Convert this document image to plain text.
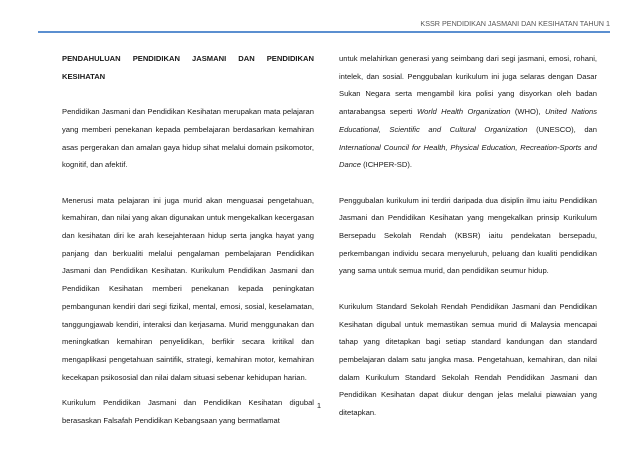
KSSR PENDIDIKAN JASMANI DAN KESIHATAN TAHUN 1

PENDAHULUAN PENDIDIKAN JASMANI DAN PENDIDIKAN KESIHATAN

Pendidikan Jasmani dan Pendidikan Kesihatan merupakan mata pelajaran yang memberi penekanan kepada pembelajaran berdasarkan kemahiran asas pergerakan dan amalan gaya hidup sihat melalui domain psikomotor, kognitif, dan afektif.

Menerusi mata pelajaran ini juga murid akan menguasai pengetahuan, kemahiran, dan nilai yang akan digunakan untuk mengekalkan kecergasan dan kesihatan diri ke arah kesejahteraan hidup serta jangka hayat yang panjang dan berkualiti melalui pengalaman pembelajaran Pendidikan Jasmani dan Pendidikan Kesihatan. Kurikulum Pendidikan Jasmani dan Pendidikan Kesihatan memberi penekanan kepada peningkatan pembangunan kendiri dari segi fizikal, mental, emosi, sosial, keselamatan, tanggungjawab kendiri, interaksi dan kerjasama. Murid menggunakan dan meningkatkan kemahiran penyelidikan, berfikir secara kritikal dan mengaplikasi pengetahuan saintifik, strategi, kemahiran motor, kemahiran kecekapan psikososial dan nilai dalam situasi sebenar kehidupan harian.

Kurikulum Pendidikan Jasmani dan Pendidikan Kesihatan digubal berasaskan Falsafah Pendidikan Kebangsaan yang bermatlamat

untuk melahirkan generasi yang seimbang dari segi jasmani, emosi, rohani, intelek, dan sosial. Penggubalan kurikulum ini juga selaras dengan Dasar Sukan Negara serta mengambil kira polisi yang disyorkan oleh badan antarabangsa seperti World Health Organization (WHO), United Nations Educational, Scientific and Cultural Organization (UNESCO), dan International Council for Health, Physical Education, Recreation-Sports and Dance (ICHPER-SD).

Penggubalan kurikulum ini terdiri daripada dua disiplin ilmu iaitu Pendidikan Jasmani dan Pendidikan Kesihatan yang mengekalkan prinsip Kurikulum Bersepadu Sekolah Rendah (KBSR) iaitu pendekatan bersepadu, perkembangan individu secara menyeluruh, peluang dan kualiti pendidikan yang sama untuk semua murid, dan pendidikan seumur hidup.

Kurikulum Standard Sekolah Rendah Pendidikan Jasmani dan Pendidikan Kesihatan digubal untuk memastikan semua murid di Malaysia mencapai tahap yang ditetapkan bagi setiap standard kandungan dan standard pembelajaran dalam satu jangka masa. Pengetahuan, kemahiran, dan nilai dalam Kurikulum Standard Sekolah Rendah Pendidikan Jasmani dan Pendidikan Kesihatan dapat diukur dengan jelas melalui piawaian yang ditetapkan.

1
